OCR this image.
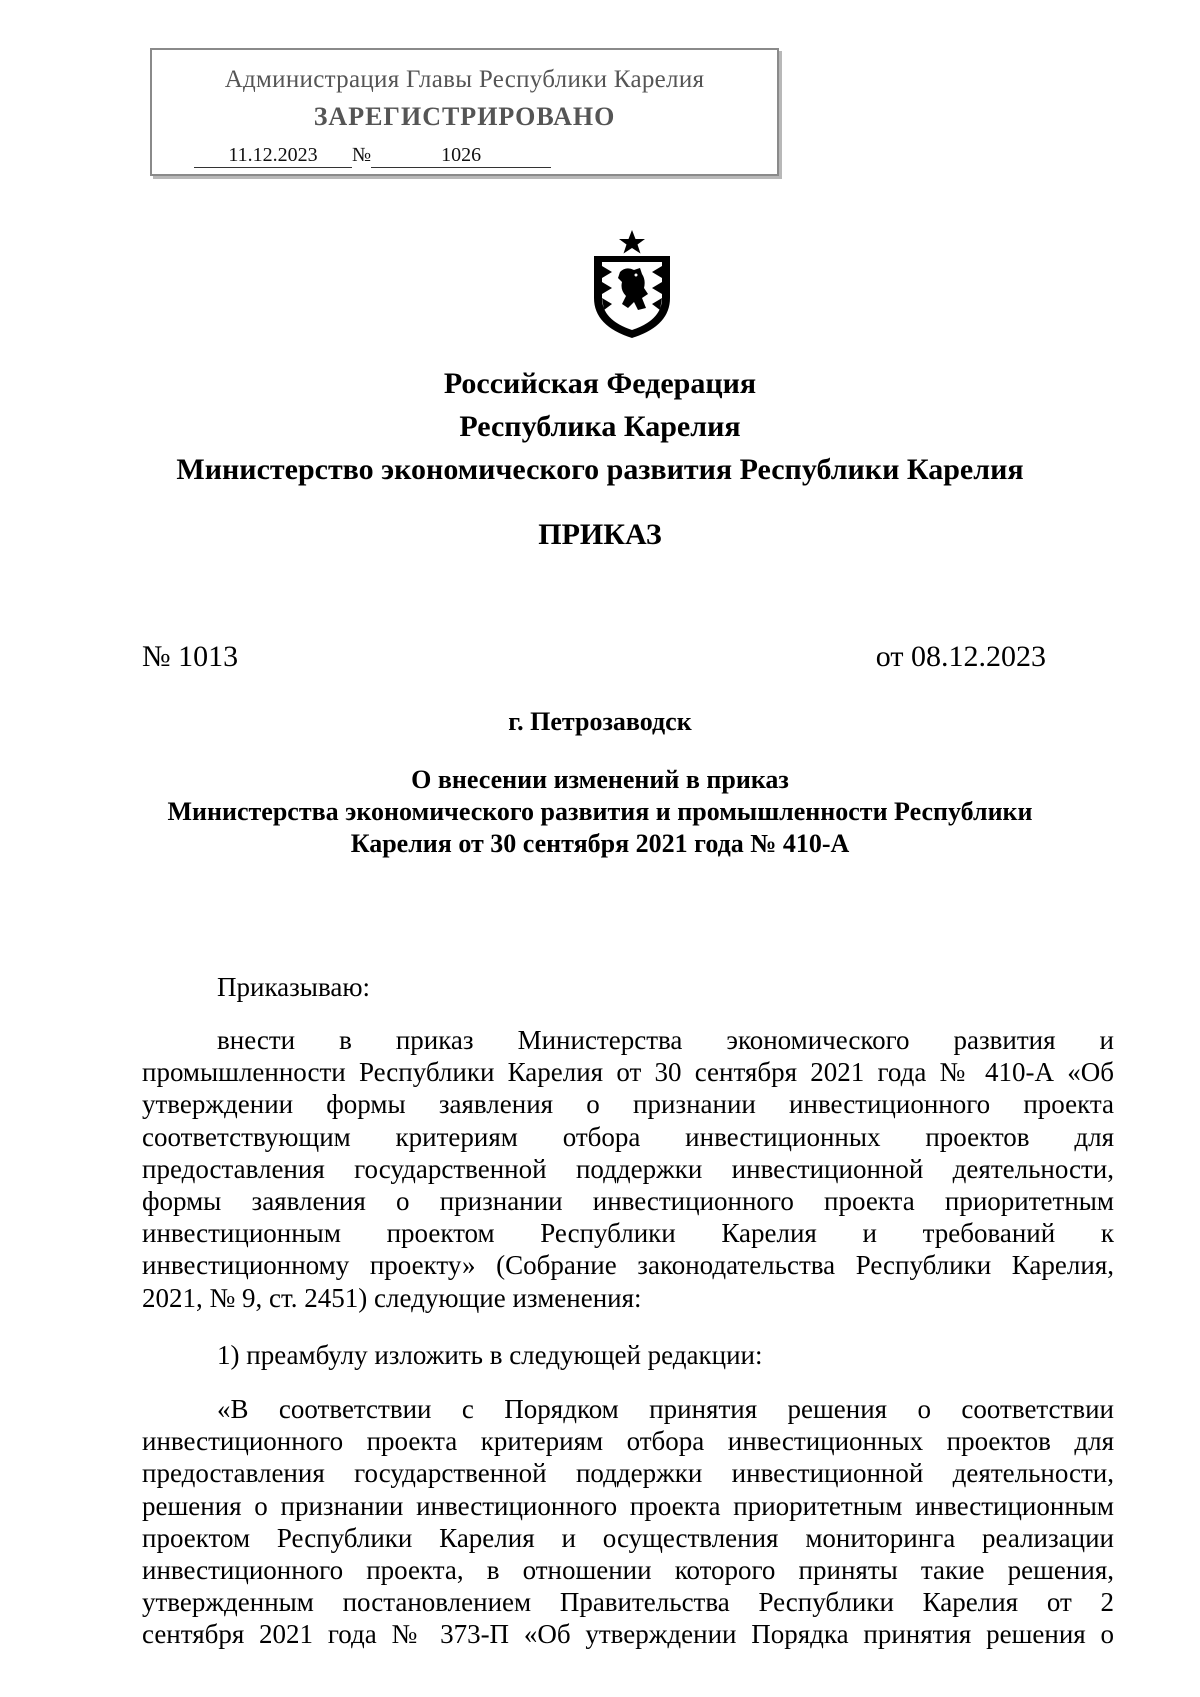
Администрация Главы Республики Карелия
ЗАРЕГИСТРИРОВАНО
11.12.2023 №	1026
Российская Федерация
Республика Карелия
Министерство экономического развития Республики Карелия
ПРИКАЗ
№ 1013	от 08.12.2023
г. Петрозаводск
О внесении изменений в приказ
Министерства экономического развития и промышленности Республики
Карелия от 30 сентября 2021 года № 410-А
Приказываю:
внести в приказ Министерства экономического развития и
промышленности Республики Карелия от 30 сентября 2021 года № 410-А «Об
утверждении формы заявления о признании инвестиционного проекта
соответствующим критериям отбора инвестиционных проектов для
предоставления государственной поддержки инвестиционной деятельности,
формы заявления о признании инвестиционного проекта приоритетным
инвестиционным проектом Республики Карелия и требований к
инвестиционному проекту» (Собрание законодательства Республики Карелия,
2021, № 9, ст. 2451) следующие изменения:
1) преамбулу изложить в следующей редакции:
«В соответствии с Порядком принятия решения о соответствии
инвестиционного проекта критериям отбора инвестиционных проектов для
предоставления государственной поддержки инвестиционной деятельности,
решения о признании инвестиционного проекта приоритетным инвестиционным
проектом Республики Карелия и осуществления мониторинга реализации
инвестиционного проекта, в отношении которого приняты такие решения,
утвержденным постановлением Правительства Республики Карелия от 2
сентября 2021 года № 373-П «Об утверждении Порядка принятия решения о
